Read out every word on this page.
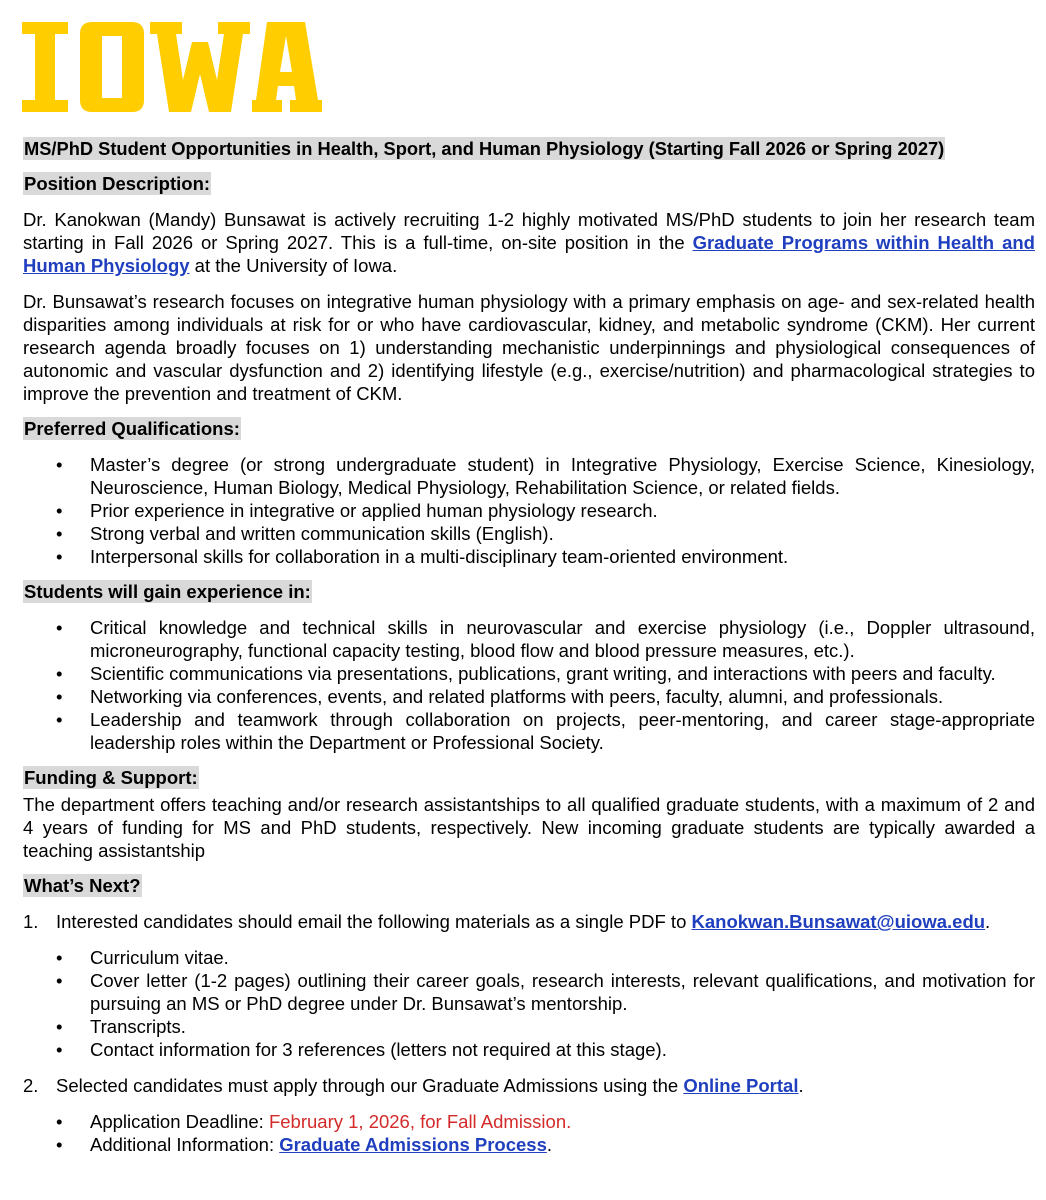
MS/PhD Student Opportunities in Health, Sport, and Human Physiology (Starting Fall 2026 or Spring 2027)
Position Description:

Dr. Kanokwan (Mandy) Bunsawat is actively recruiting 1-2 highly motivated MS/PhD students to join her research team starting in Fall 2026 or Spring 2027. This is a full-time, on-site position in the Graduate Programs within Health and Human Physiology at the University of Iowa.

Dr. Bunsawat’s research focuses on integrative human physiology with a primary emphasis on age- and sex-related health disparities among individuals at risk for or who have cardiovascular, kidney, and metabolic syndrome (CKM). Her current research agenda broadly focuses on 1) understanding mechanistic underpinnings and physiological consequences of autonomic and vascular dysfunction and 2) identifying lifestyle (e.g., exercise/nutrition) and pharmacological strategies to improve the prevention and treatment of CKM.

Preferred Qualifications:
• Master’s degree (or strong undergraduate student) in Integrative Physiology, Exercise Science, Kinesiology, Neuroscience, Human Biology, Medical Physiology, Rehabilitation Science, or related fields.
• Prior experience in integrative or applied human physiology research.
• Strong verbal and written communication skills (English).
• Interpersonal skills for collaboration in a multi-disciplinary team-oriented environment.
Students will gain experience in:
• Critical knowledge and technical skills in neurovascular and exercise physiology (i.e., Doppler ultrasound, microneurography, functional capacity testing, blood flow and blood pressure measures, etc.).
• Scientific communications via presentations, publications, grant writing, and interactions with peers and faculty.
• Networking via conferences, events, and related platforms with peers, faculty, alumni, and professionals.
• Leadership and teamwork through collaboration on projects, peer-mentoring, and career stage-appropriate leadership roles within the Department or Professional Society.
Funding & Support:

The department offers teaching and/or research assistantships to all qualified graduate students, with a maximum of 2 and 4 years of funding for MS and PhD students, respectively. New incoming graduate students are typically awarded a teaching assistantship

What’s Next?
1. Interested candidates should email the following materials as a single PDF to Kanokwan.Bunsawat@uiowa.edu.
• Curriculum vitae.
• Cover letter (1-2 pages) outlining their career goals, research interests, relevant qualifications, and motivation for pursuing an MS or PhD degree under Dr. Bunsawat’s mentorship.
• Transcripts.
• Contact information for 3 references (letters not required at this stage).
2. Selected candidates must apply through our Graduate Admissions using the Online Portal.
• Application Deadline: February 1, 2026, for Fall Admission.
• Additional Information: Graduate Admissions Process.
